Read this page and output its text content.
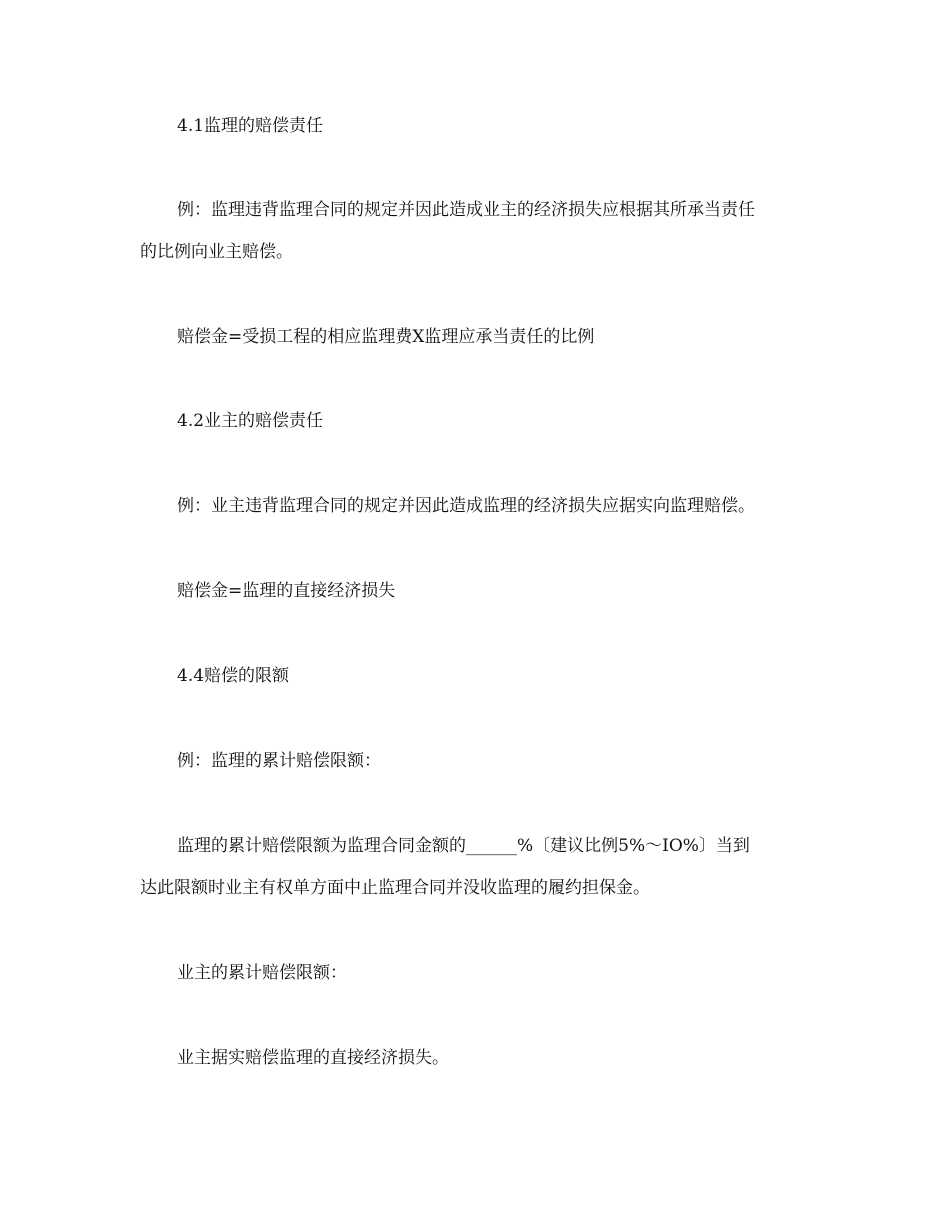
4.1监理的赔偿责任
例：监理违背监理合同的规定并因此造成业主的经济损失应根据其所承当责任
的比例向业主赔偿。
赔偿金=受损工程的相应监理费X监理应承当责任的比例
4.2业主的赔偿责任
例：业主违背监理合同的规定并因此造成监理的经济损失应据实向监理赔偿。
赔偿金=监理的直接经济损失
4.4赔偿的限额
例：监理的累计赔偿限额：
监理的累计赔偿限额为监理合同金额的______%〔建议比例5%～IO%〕当到
达此限额时业主有权单方面中止监理合同并没收监理的履约担保金。
业主的累计赔偿限额：
业主据实赔偿监理的直接经济损失。
